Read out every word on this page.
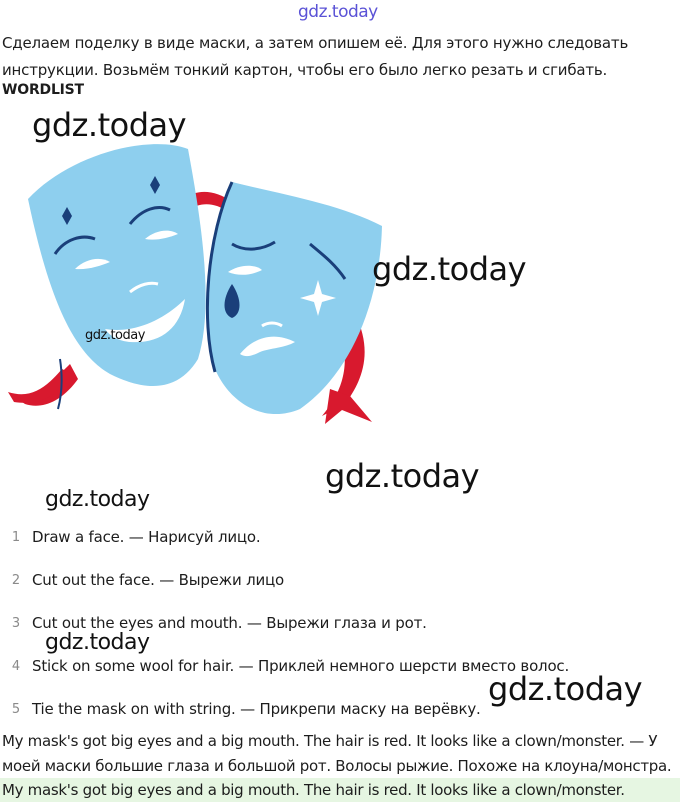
gdz.today
Сделаем поделку в виде маски, а затем опишем её. Для этого нужно следовать инструкции. Возьмём тонкий картон, чтобы его было легко резать и сгибать.
WORDLIST
gdz.today
gdz.today
gdz.today
gdz.today
gdz.today
gdz.today
gdz.today
1 Draw a face. — Нарисуй лицо.
2 Cut out the face. — Вырежи лицо
3 Cut out the eyes and mouth. — Вырежи глаза и рот.
4 Stick on some wool for hair. — Приклей немного шерсти вместо волос.
5 Tie the mask on with string. — Прикрепи маску на верёвку.
My mask's got big eyes and a big mouth. The hair is red. It looks like a clown/monster. — У моей маски большие глаза и большой рот. Волосы рыжие. Похоже на клоуна/монстра.
My mask's got big eyes and a big mouth. The hair is red. It looks like a clown/monster.
